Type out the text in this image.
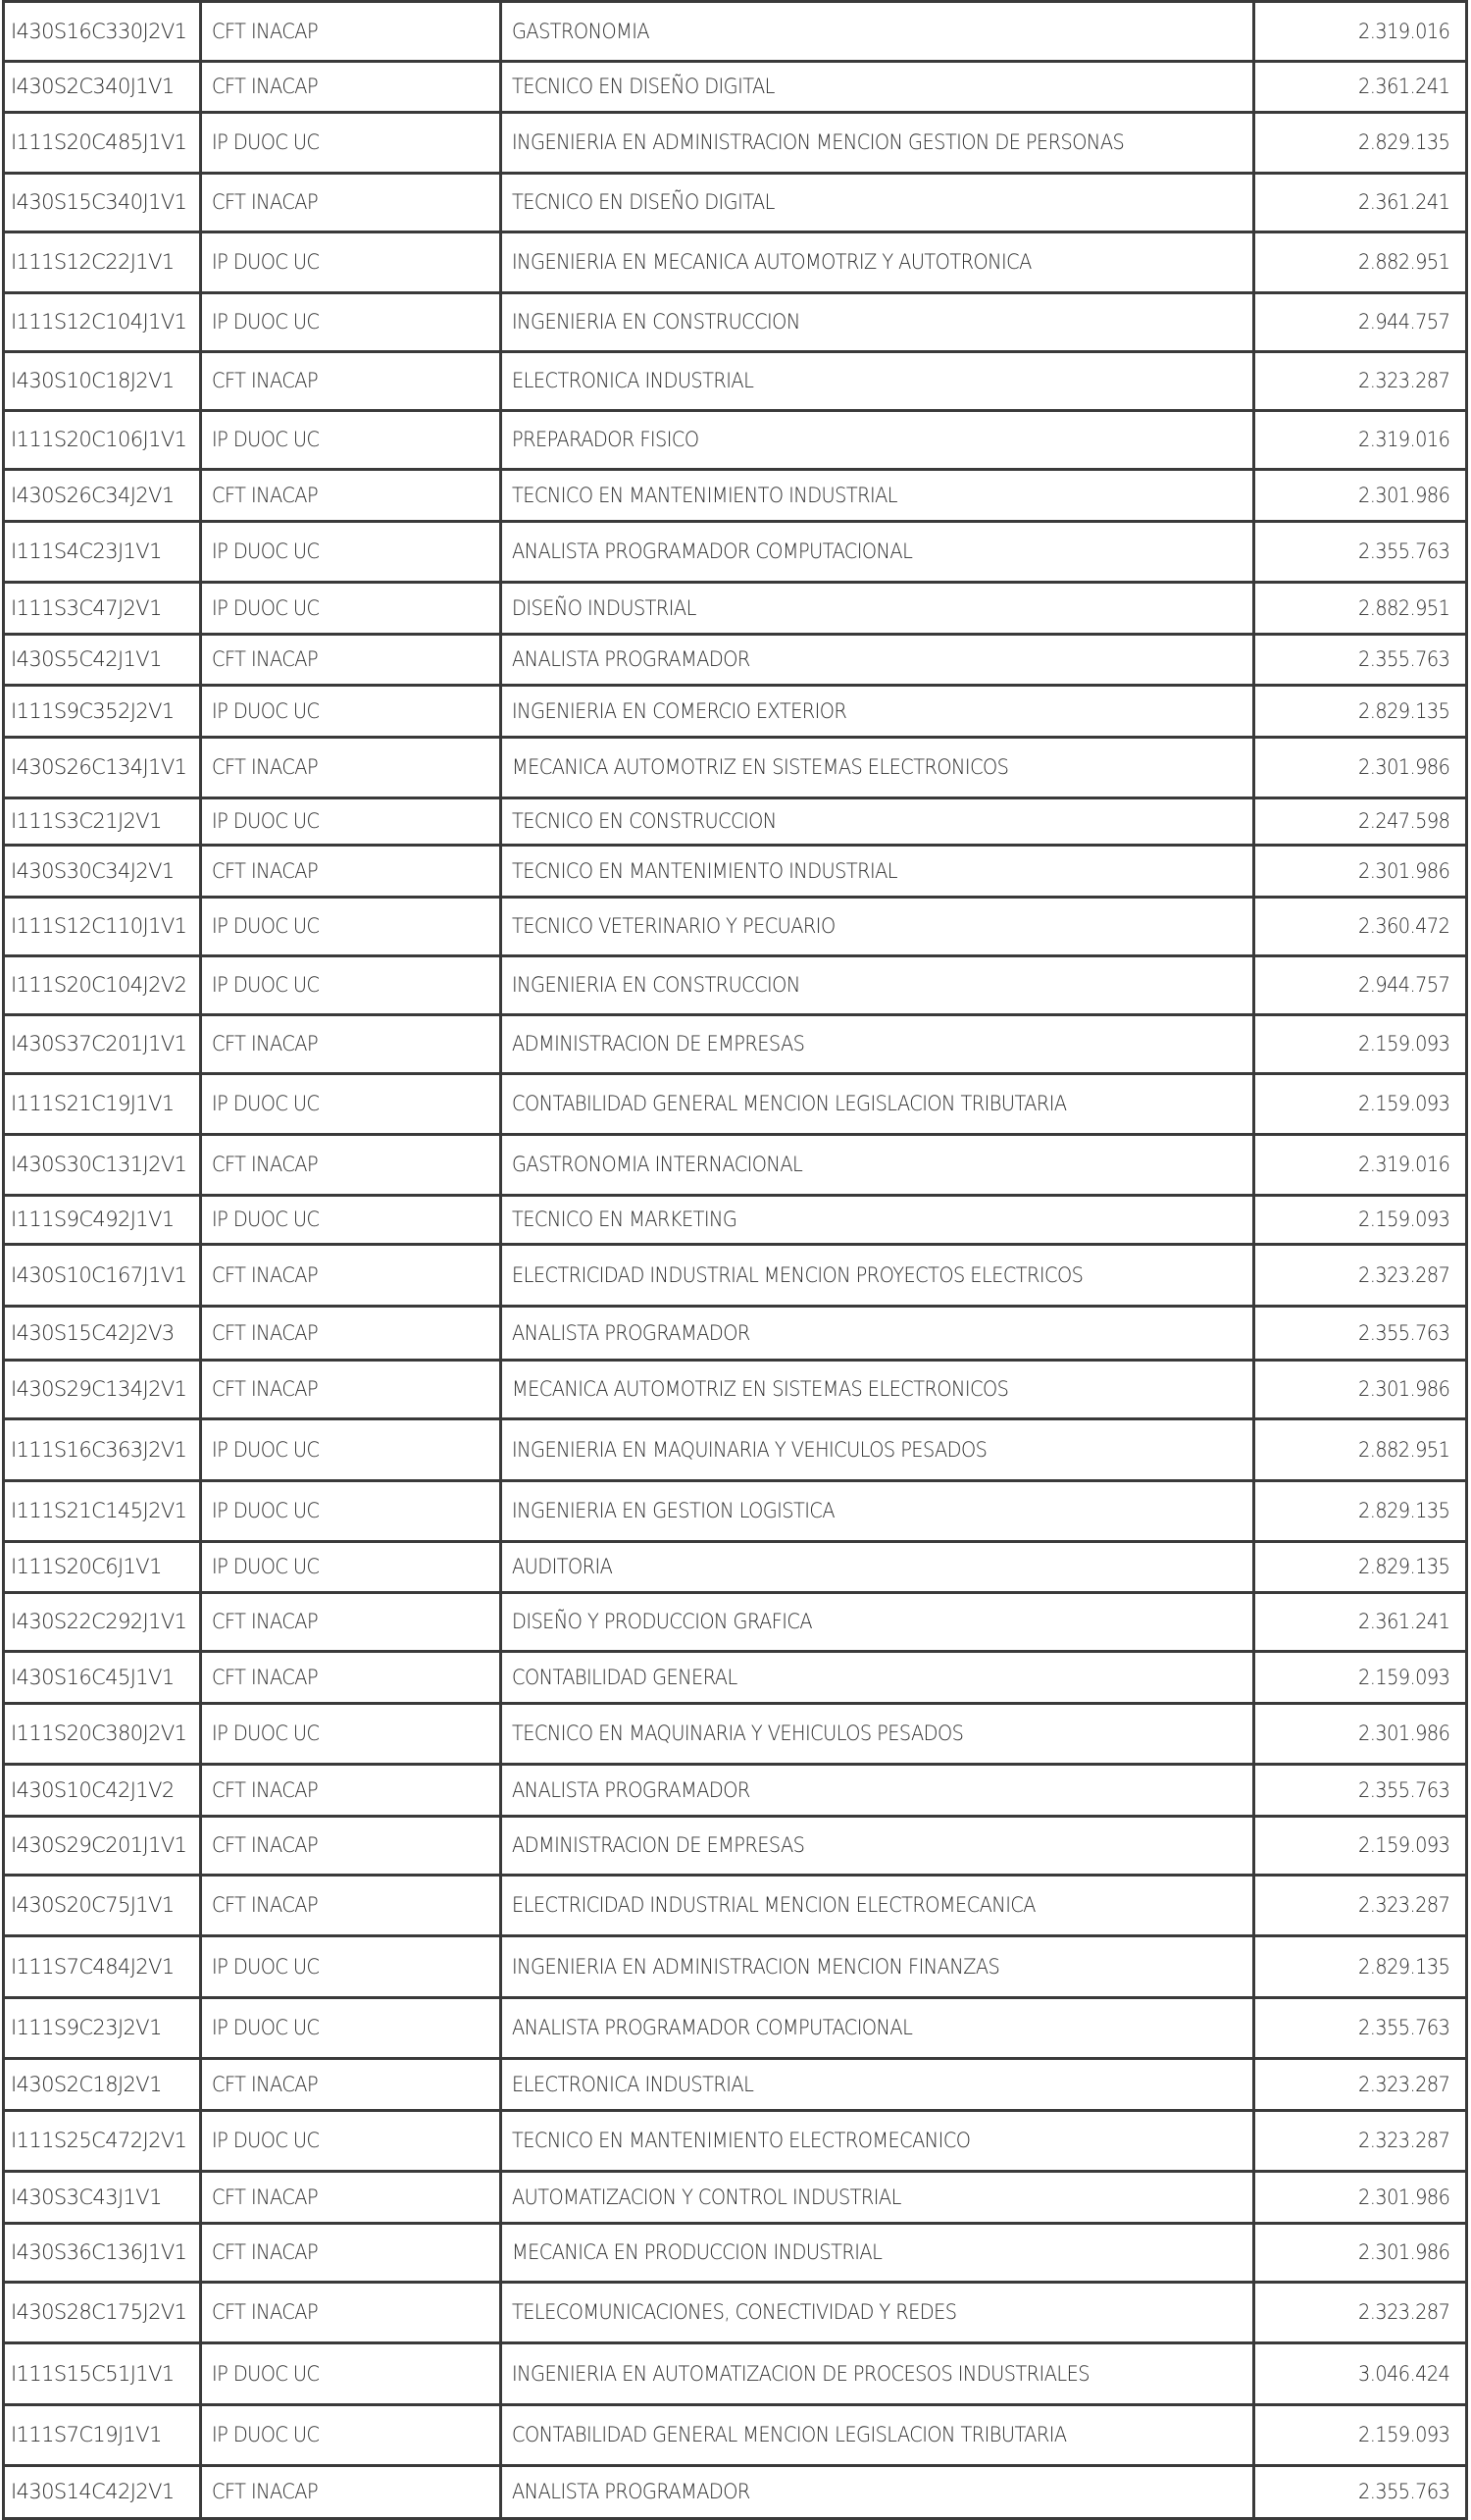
I430S16C330J2V1	CFT INACAP	GASTRONOMIA	2.319.016
I430S2C340J1V1	CFT INACAP	TECNICO EN DISEÑO DIGITAL	2.361.241
I111S20C485J1V1	IP DUOC UC	INGENIERIA EN ADMINISTRACION MENCION GESTION DE PERSONAS	2.829.135
I430S15C340J1V1	CFT INACAP	TECNICO EN DISEÑO DIGITAL	2.361.241
I111S12C22J1V1	IP DUOC UC	INGENIERIA EN MECANICA AUTOMOTRIZ Y AUTOTRONICA	2.882.951
I111S12C104J1V1	IP DUOC UC	INGENIERIA EN CONSTRUCCION	2.944.757
I430S10C18J2V1	CFT INACAP	ELECTRONICA INDUSTRIAL	2.323.287
I111S20C106J1V1	IP DUOC UC	PREPARADOR FISICO	2.319.016
I430S26C34J2V1	CFT INACAP	TECNICO EN MANTENIMIENTO INDUSTRIAL	2.301.986
I111S4C23J1V1	IP DUOC UC	ANALISTA PROGRAMADOR COMPUTACIONAL	2.355.763
I111S3C47J2V1	IP DUOC UC	DISEÑO INDUSTRIAL	2.882.951
I430S5C42J1V1	CFT INACAP	ANALISTA PROGRAMADOR	2.355.763
I111S9C352J2V1	IP DUOC UC	INGENIERIA EN COMERCIO EXTERIOR	2.829.135
I430S26C134J1V1	CFT INACAP	MECANICA AUTOMOTRIZ EN SISTEMAS ELECTRONICOS	2.301.986
I111S3C21J2V1	IP DUOC UC	TECNICO EN CONSTRUCCION	2.247.598
I430S30C34J2V1	CFT INACAP	TECNICO EN MANTENIMIENTO INDUSTRIAL	2.301.986
I111S12C110J1V1	IP DUOC UC	TECNICO VETERINARIO Y PECUARIO	2.360.472
I111S20C104J2V2	IP DUOC UC	INGENIERIA EN CONSTRUCCION	2.944.757
I430S37C201J1V1	CFT INACAP	ADMINISTRACION DE EMPRESAS	2.159.093
I111S21C19J1V1	IP DUOC UC	CONTABILIDAD GENERAL MENCION LEGISLACION TRIBUTARIA	2.159.093
I430S30C131J2V1	CFT INACAP	GASTRONOMIA INTERNACIONAL	2.319.016
I111S9C492J1V1	IP DUOC UC	TECNICO EN MARKETING	2.159.093
I430S10C167J1V1	CFT INACAP	ELECTRICIDAD INDUSTRIAL MENCION PROYECTOS ELECTRICOS	2.323.287
I430S15C42J2V3	CFT INACAP	ANALISTA PROGRAMADOR	2.355.763
I430S29C134J2V1	CFT INACAP	MECANICA AUTOMOTRIZ EN SISTEMAS ELECTRONICOS	2.301.986
I111S16C363J2V1	IP DUOC UC	INGENIERIA EN MAQUINARIA Y VEHICULOS PESADOS	2.882.951
I111S21C145J2V1	IP DUOC UC	INGENIERIA EN GESTION LOGISTICA	2.829.135
I111S20C6J1V1	IP DUOC UC	AUDITORIA	2.829.135
I430S22C292J1V1	CFT INACAP	DISEÑO Y PRODUCCION GRAFICA	2.361.241
I430S16C45J1V1	CFT INACAP	CONTABILIDAD GENERAL	2.159.093
I111S20C380J2V1	IP DUOC UC	TECNICO EN MAQUINARIA Y VEHICULOS PESADOS	2.301.986
I430S10C42J1V2	CFT INACAP	ANALISTA PROGRAMADOR	2.355.763
I430S29C201J1V1	CFT INACAP	ADMINISTRACION DE EMPRESAS	2.159.093
I430S20C75J1V1	CFT INACAP	ELECTRICIDAD INDUSTRIAL MENCION ELECTROMECANICA	2.323.287
I111S7C484J2V1	IP DUOC UC	INGENIERIA EN ADMINISTRACION MENCION FINANZAS	2.829.135
I111S9C23J2V1	IP DUOC UC	ANALISTA PROGRAMADOR COMPUTACIONAL	2.355.763
I430S2C18J2V1	CFT INACAP	ELECTRONICA INDUSTRIAL	2.323.287
I111S25C472J2V1	IP DUOC UC	TECNICO EN MANTENIMIENTO ELECTROMECANICO	2.323.287
I430S3C43J1V1	CFT INACAP	AUTOMATIZACION Y CONTROL INDUSTRIAL	2.301.986
I430S36C136J1V1	CFT INACAP	MECANICA EN PRODUCCION INDUSTRIAL	2.301.986
I430S28C175J2V1	CFT INACAP	TELECOMUNICACIONES, CONECTIVIDAD Y REDES	2.323.287
I111S15C51J1V1	IP DUOC UC	INGENIERIA EN AUTOMATIZACION DE PROCESOS INDUSTRIALES	3.046.424
I111S7C19J1V1	IP DUOC UC	CONTABILIDAD GENERAL MENCION LEGISLACION TRIBUTARIA	2.159.093
I430S14C42J2V1	CFT INACAP	ANALISTA PROGRAMADOR	2.355.763
